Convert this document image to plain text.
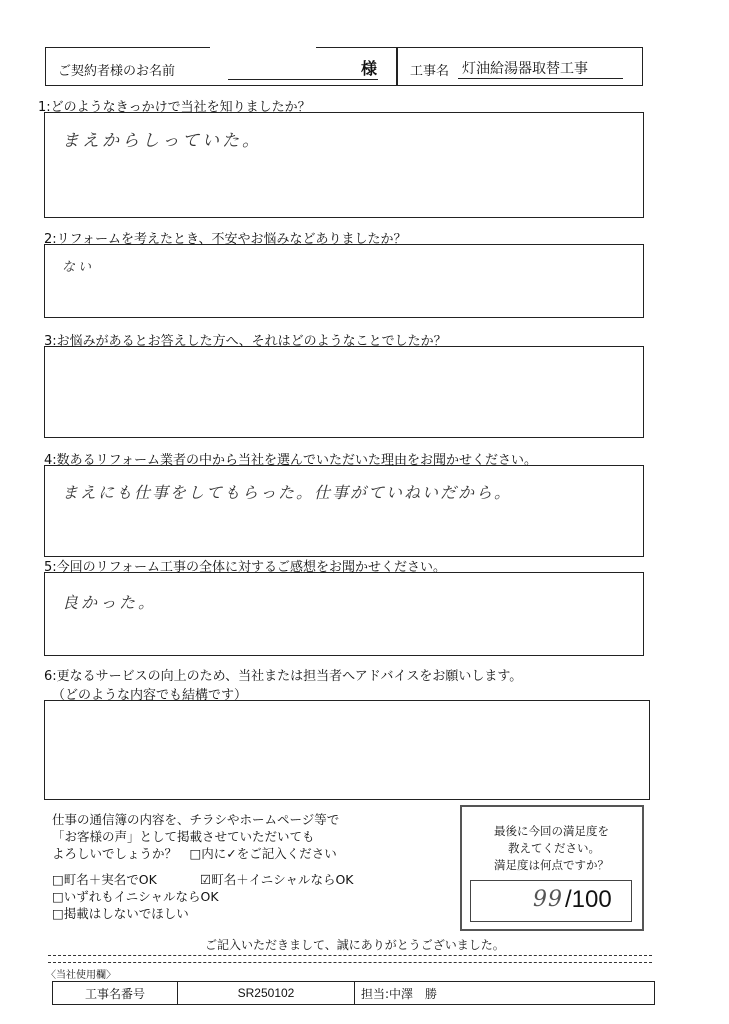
ご契約者様のお名前	様	工事名 灯油給湯器取替工事
1:どのようなきっかけで当社を知りましたか？
まえからしっていた。
2:リフォームを考えたとき、不安やお悩みなどありましたか？
ない
3:お悩みがあるとお答えした方へ、それはどのようなことでしたか？
4:数あるリフォーム業者の中から当社を選んでいただいた理由をお聞かせください。
まえにも仕事をしてもらった。仕事がていねいだから。
5:今回のリフォーム工事の全体に対するご感想をお聞かせください。
良かった。
6:更なるサービスの向上のため、当社または担当者へアドバイスをお願いします。
（どのような内容でも結構です）
仕事の通信簿の内容を、チラシやホームページ等で
「お客様の声」として掲載させていただいても
よろしいでしょうか？　□内に✓をご記入ください
□町名＋実名でOK	☑町名＋イニシャルならOK
□いずれもイニシャルならOK
□掲載はしないでほしい
最後に今回の満足度を
教えてください。
満足度は何点ですか？
99 /100
ご記入いただきまして、誠にありがとうございました。
〈当社使用欄〉
工事名番号	SR250102	担当:中澤　勝
